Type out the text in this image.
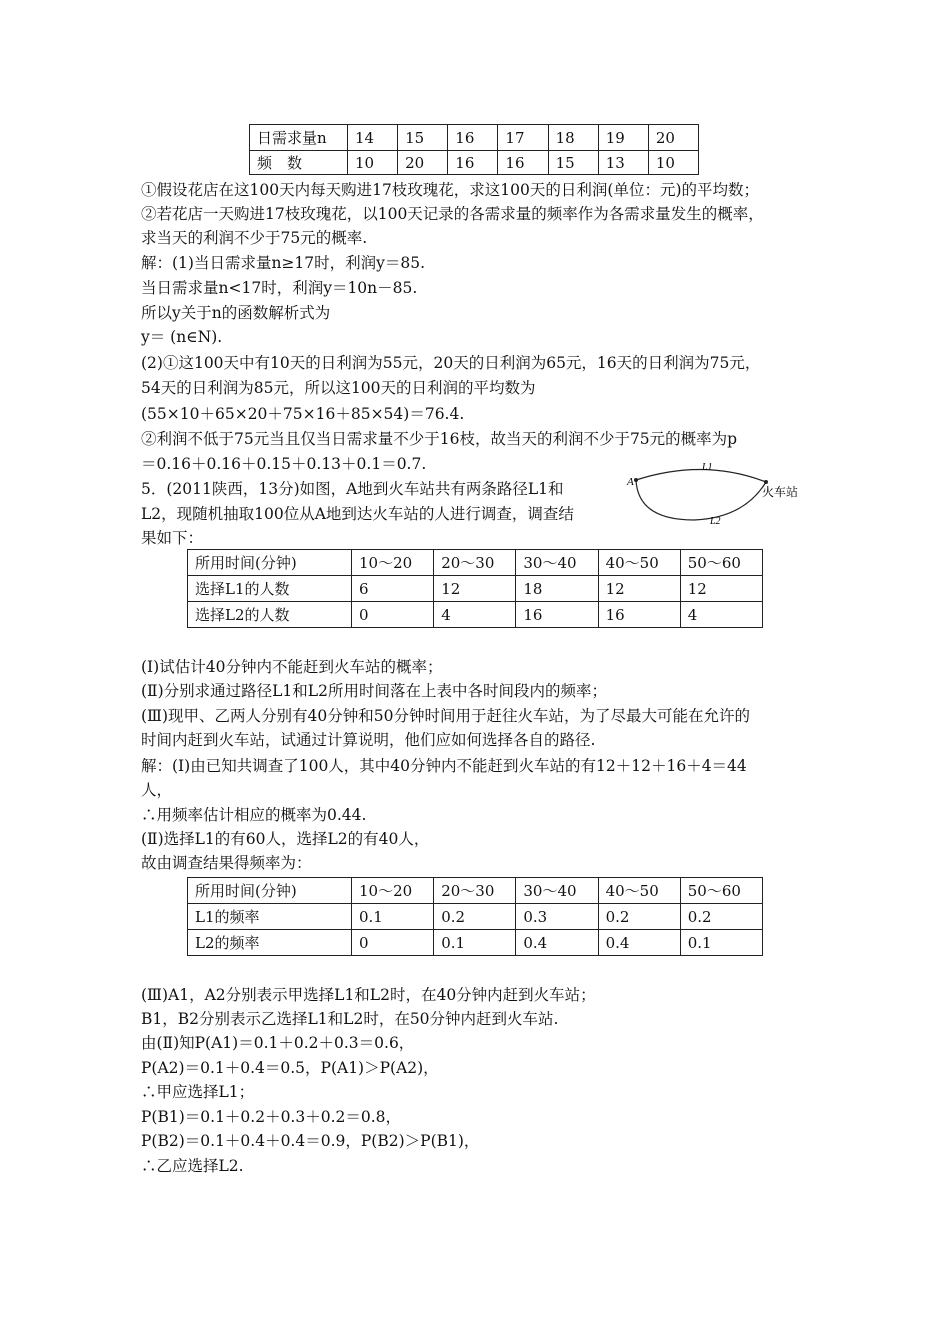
日需求量n	14	15	16	17	18	19	20
频　数	10	20	16	16	15	13	10
①假设花店在这100天内每天购进17枝玫瑰花，求这100天的日利润(单位：元)的平均数；
②若花店一天购进17枝玫瑰花，以100天记录的各需求量的频率作为各需求量发生的概率，
求当天的利润不少于75元的概率.
解：(1)当日需求量n≥17时，利润y＝85.
当日需求量n<17时，利润y＝10n－85.
所以y关于n的函数解析式为
y＝ (n∈N).
(2)①这100天中有10天的日利润为55元，20天的日利润为65元，16天的日利润为75元，
54天的日利润为85元，所以这100天的日利润的平均数为
(55×10＋65×20＋75×16＋85×54)＝76.4.
②利润不低于75元当且仅当日需求量不少于16枝，故当天的利润不少于75元的概率为p
＝0.16＋0.16＋0.15＋0.13＋0.1＝0.7.
5．(2011陕西，13分)如图，A地到火车站共有两条路径L1和
L2，现随机抽取100位从A地到达火车站的人进行调查，调查结
果如下：
A
L1
L2
火车站
所用时间(分钟)	10～20	20～30	30～40	40～50	50～60
选择L1的人数	6	12	18	12	12
选择L2的人数	0	4	16	16	4
(Ⅰ)试估计40分钟内不能赶到火车站的概率；
(Ⅱ)分别求通过路径L1和L2所用时间落在上表中各时间段内的频率；
(Ⅲ)现甲、乙两人分别有40分钟和50分钟时间用于赶往火车站，为了尽最大可能在允许的
时间内赶到火车站，试通过计算说明，他们应如何选择各自的路径.
解：(Ⅰ)由已知共调查了100人，其中40分钟内不能赶到火车站的有12＋12＋16＋4＝44
人，
∴用频率估计相应的概率为0.44.
(Ⅱ)选择L1的有60人，选择L2的有40人，
故由调查结果得频率为：
所用时间(分钟)	10～20	20～30	30～40	40～50	50～60
L1的频率	0.1	0.2	0.3	0.2	0.2
L2的频率	0	0.1	0.4	0.4	0.1
(Ⅲ)A1，A2分别表示甲选择L1和L2时，在40分钟内赶到火车站；
B1，B2分别表示乙选择L1和L2时，在50分钟内赶到火车站.
由(Ⅱ)知P(A1)＝0.1＋0.2＋0.3＝0.6，
P(A2)＝0.1＋0.4＝0.5，P(A1)＞P(A2)，
∴甲应选择L1；
P(B1)＝0.1＋0.2＋0.3＋0.2＝0.8，
P(B2)＝0.1＋0.4＋0.4＝0.9，P(B2)＞P(B1)，
∴乙应选择L2.
